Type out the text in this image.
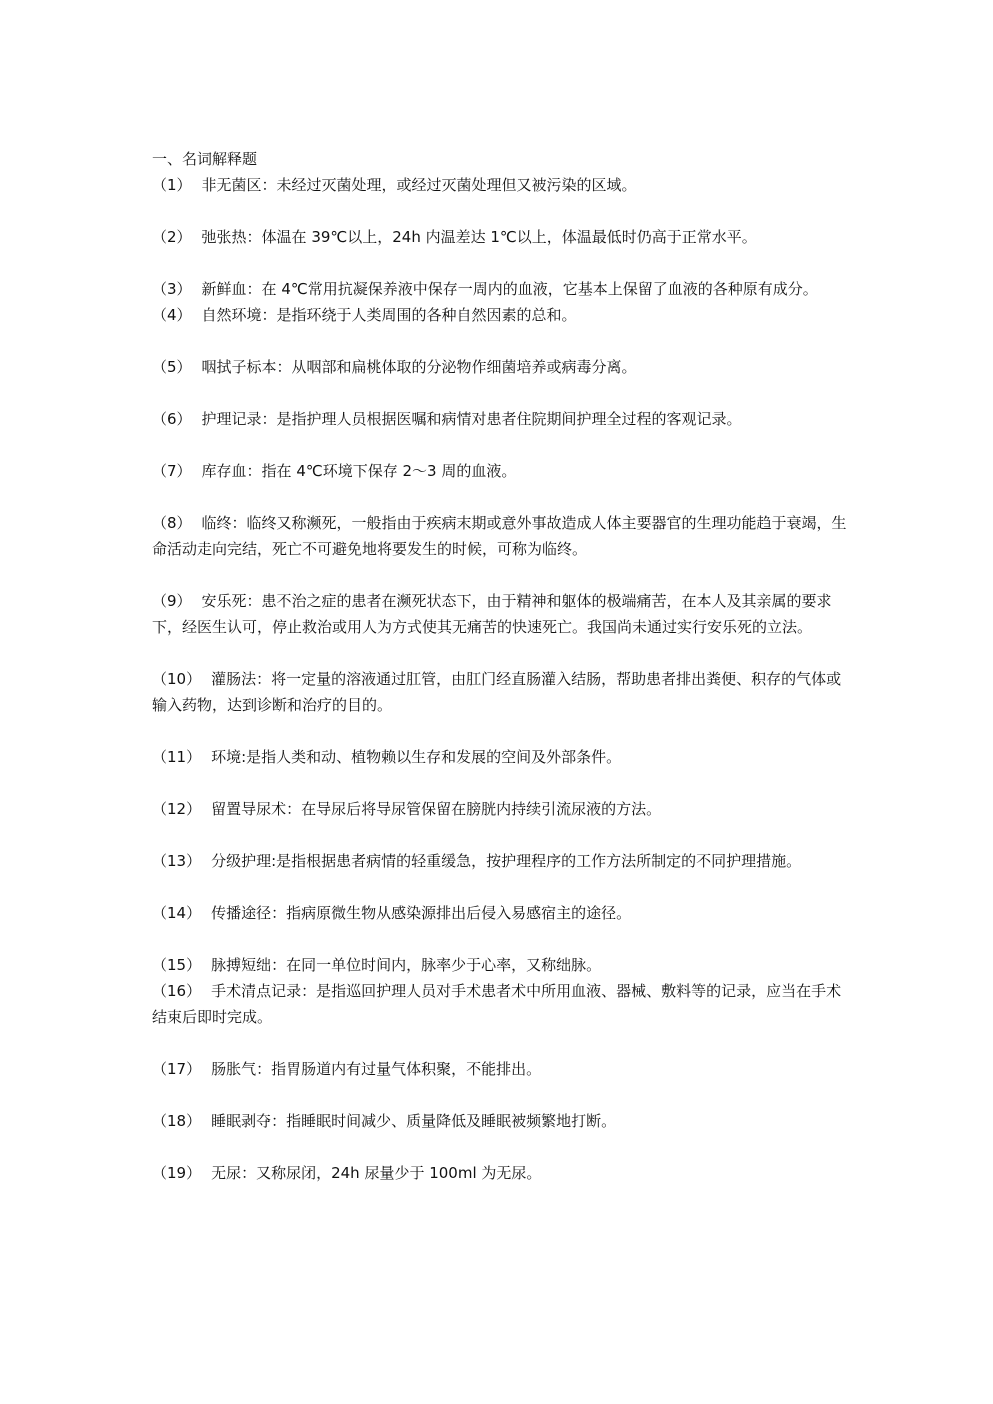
一、名词解释题

（1） 非无菌区：未经过灭菌处理，或经过灭菌处理但又被污染的区域。

（2） 弛张热：体温在 39℃以上，24h 内温差达 1℃以上，体温最低时仍高于正常水平。

（3） 新鲜血：在 4℃常用抗凝保养液中保存一周内的血液，它基本上保留了血液的各种原有成分。

（4） 自然环境：是指环绕于人类周围的各种自然因素的总和。

（5） 咽拭子标本：从咽部和扁桃体取的分泌物作细菌培养或病毒分离。

（6） 护理记录：是指护理人员根据医嘱和病情对患者住院期间护理全过程的客观记录。

（7） 库存血：指在 4℃环境下保存 2～3 周的血液。

（8） 临终：临终又称濒死，一般指由于疾病末期或意外事故造成人体主要器官的生理功能趋于衰竭，生命活动走向完结，死亡不可避免地将要发生的时候，可称为临终。

（9） 安乐死：患不治之症的患者在濒死状态下，由于精神和躯体的极端痛苦，在本人及其亲属的要求下，经医生认可，停止救治或用人为方式使其无痛苦的快速死亡。我国尚未通过实行安乐死的立法。

（10） 灌肠法：将一定量的溶液通过肛管，由肛门经直肠灌入结肠，帮助患者排出粪便、积存的气体或输入药物，达到诊断和治疗的目的。

（11） 环境:是指人类和动、植物赖以生存和发展的空间及外部条件。

（12） 留置导尿术：在导尿后将导尿管保留在膀胱内持续引流尿液的方法。

（13） 分级护理:是指根据患者病情的轻重缓急，按护理程序的工作方法所制定的不同护理措施。

（14） 传播途径：指病原微生物从感染源排出后侵入易感宿主的途径。

（15） 脉搏短绌：在同一单位时间内，脉率少于心率，又称绌脉。

（16） 手术清点记录：是指巡回护理人员对手术患者术中所用血液、器械、敷料等的记录，应当在手术结束后即时完成。

（17） 肠胀气：指胃肠道内有过量气体积聚，不能排出。

（18） 睡眠剥夺：指睡眠时间减少、质量降低及睡眠被频繁地打断。

（19） 无尿：又称尿闭，24h 尿量少于 100ml 为无尿。
